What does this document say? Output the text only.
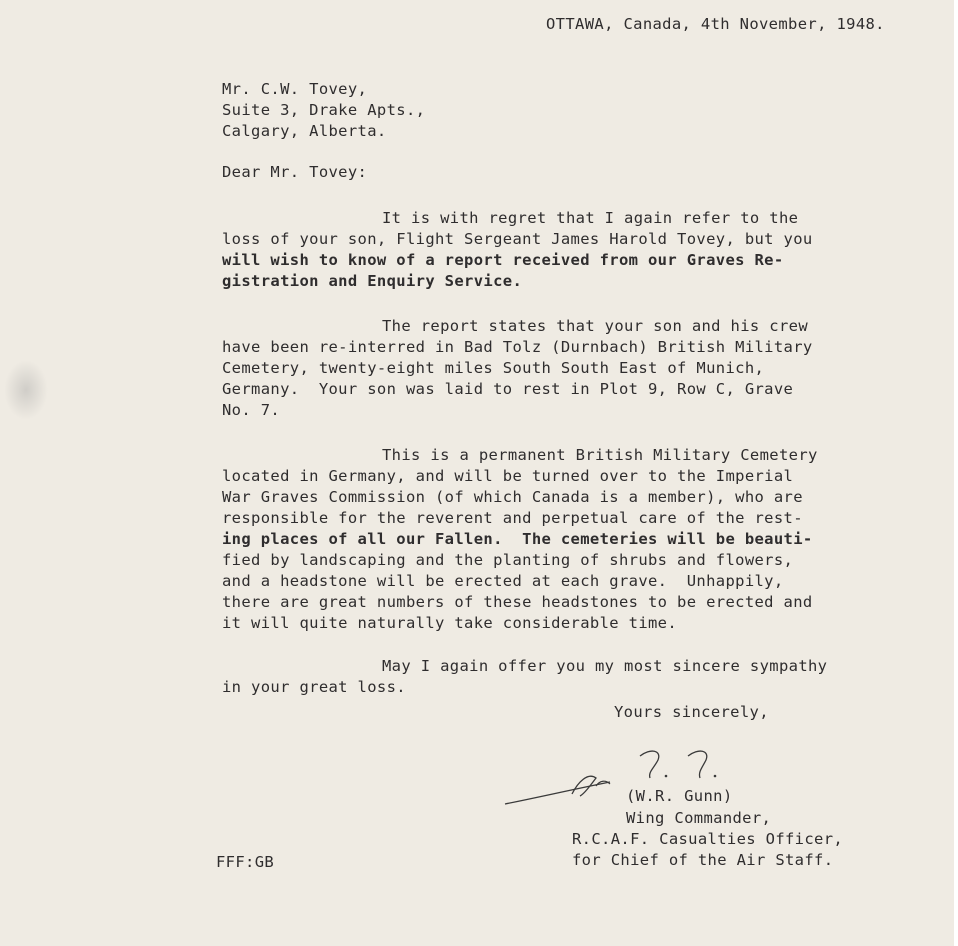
OTTAWA, Canada, 4th November, 1948.

Mr. C.W. Tovey,

Suite 3, Drake Apts.,

Calgary, Alberta.

Dear Mr. Tovey:

It is with regret that I again refer to the

loss of your son, Flight Sergeant James Harold Tovey, but you

will wish to know of a report received from our Graves Re-

gistration and Enquiry Service.

The report states that your son and his crew

have been re-interred in Bad Tolz (Durnbach) British Military

Cemetery, twenty-eight miles South South East of Munich,

Germany.  Your son was laid to rest in Plot 9, Row C, Grave

No. 7.

This is a permanent British Military Cemetery

located in Germany, and will be turned over to the Imperial

War Graves Commission (of which Canada is a member), who are

responsible for the reverent and perpetual care of the rest-

ing places of all our Fallen.  The cemeteries will be beauti-

fied by landscaping and the planting of shrubs and flowers,

and a headstone will be erected at each grave.  Unhappily,

there are great numbers of these headstones to be erected and

it will quite naturally take considerable time.

May I again offer you my most sincere sympathy

in your great loss.

Yours sincerely,

(W.R. Gunn)

Wing Commander,

R.C.A.F. Casualties Officer,

for Chief of the Air Staff.

FFF:GB
